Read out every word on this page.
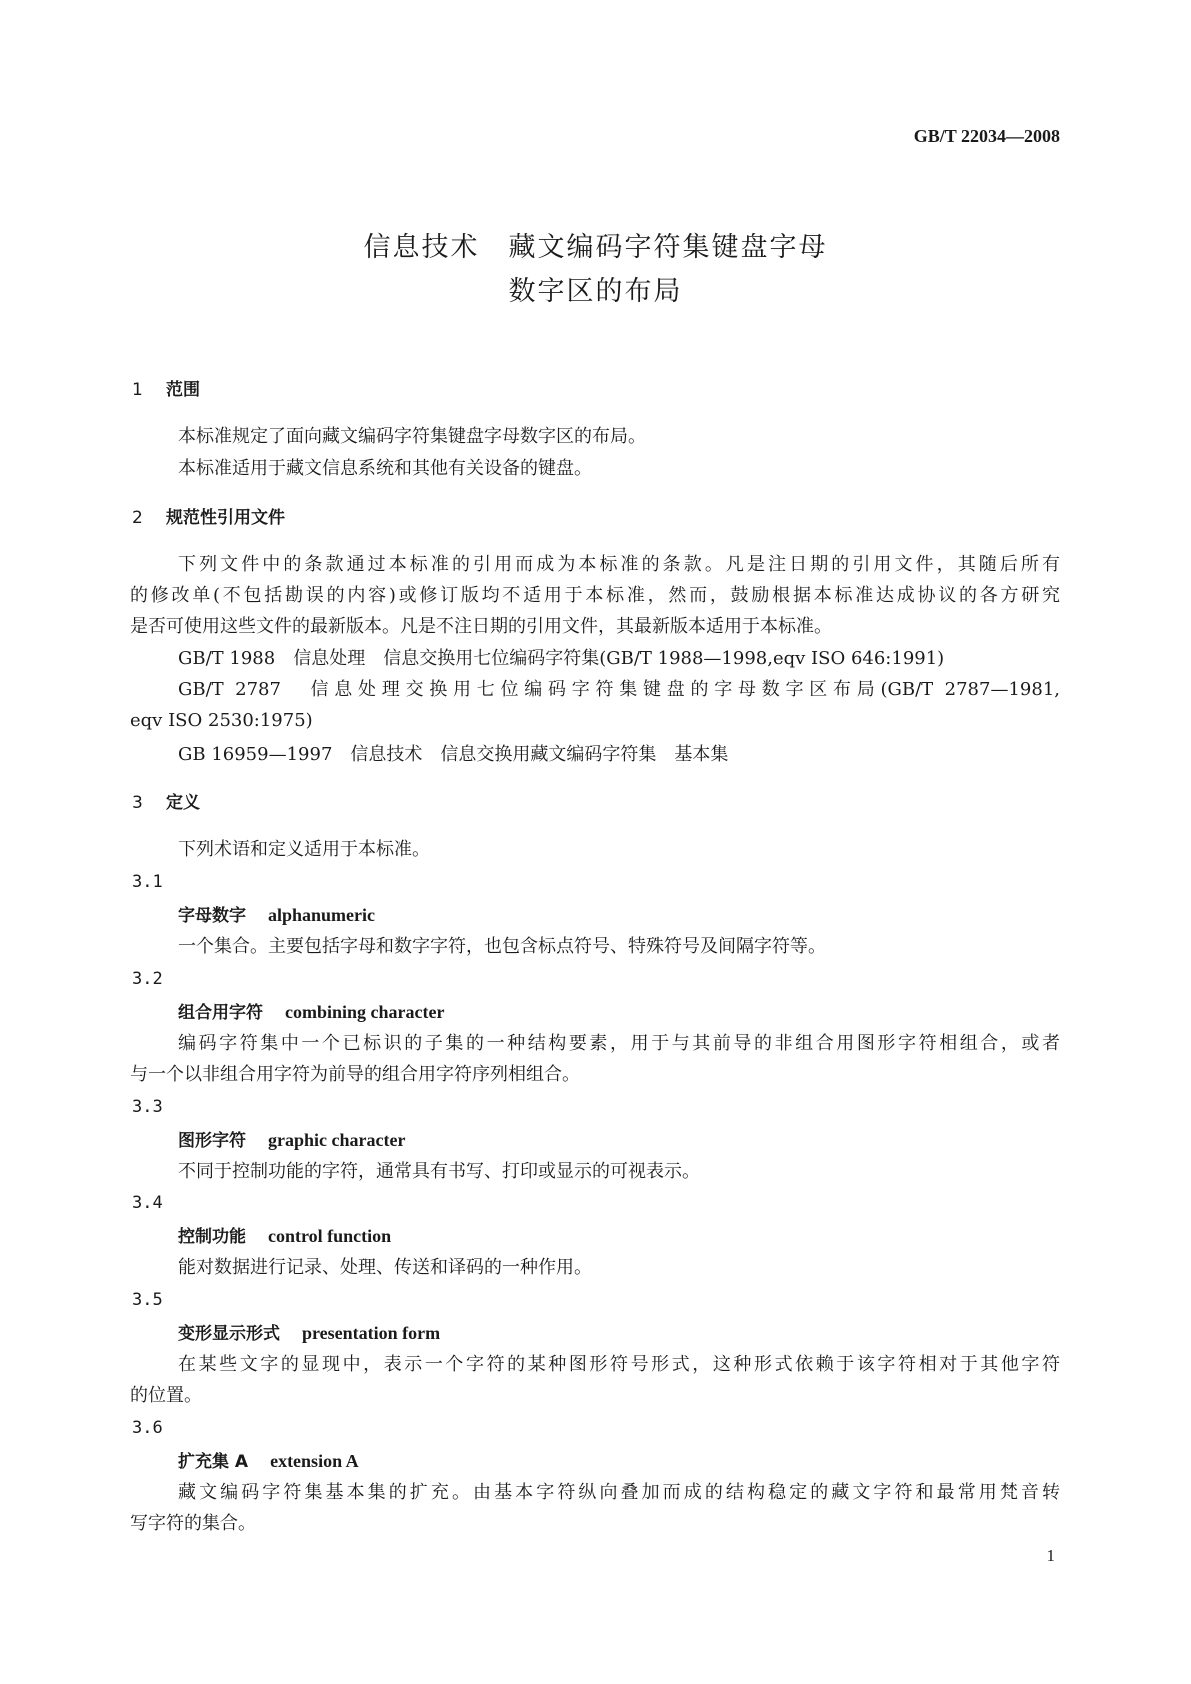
GB/T 22034—2008
信息技术　藏文编码字符集键盘字母
数字区的布局
1 范围
本标准规定了面向藏文编码字符集键盘字母数字区的布局。
本标准适用于藏文信息系统和其他有关设备的键盘。
2 规范性引用文件
下列文件中的条款通过本标准的引用而成为本标准的条款。凡是注日期的引用文件，其随后所有
的修改单(不包括勘误的内容)或修订版均不适用于本标准，然而，鼓励根据本标准达成协议的各方研究
是否可使用这些文件的最新版本。凡是不注日期的引用文件，其最新版本适用于本标准。
GB/T 1988　信息处理　信息交换用七位编码字符集(GB/T 1988—1998,eqv ISO 646:1991)
GB/T 2787　信息处理交换用七位编码字符集键盘的字母数字区布局(GB/T 2787—1981,
eqv ISO 2530:1975)
GB 16959—1997　信息技术　信息交换用藏文编码字符集　基本集
3 定义
下列术语和定义适用于本标准。
3.1
字母数字 alphanumeric
一个集合。主要包括字母和数字字符，也包含标点符号、特殊符号及间隔字符等。
3.2
组合用字符 combining character
编码字符集中一个已标识的子集的一种结构要素，用于与其前导的非组合用图形字符相组合，或者
与一个以非组合用字符为前导的组合用字符序列相组合。
3.3
图形字符 graphic character
不同于控制功能的字符，通常具有书写、打印或显示的可视表示。
3.4
控制功能 control function
能对数据进行记录、处理、传送和译码的一种作用。
3.5
变形显示形式 presentation form
在某些文字的显现中，表示一个字符的某种图形符号形式，这种形式依赖于该字符相对于其他字符
的位置。
3.6
扩充集 A extension A
藏文编码字符集基本集的扩充。由基本字符纵向叠加而成的结构稳定的藏文字符和最常用梵音转
写字符的集合。
1
